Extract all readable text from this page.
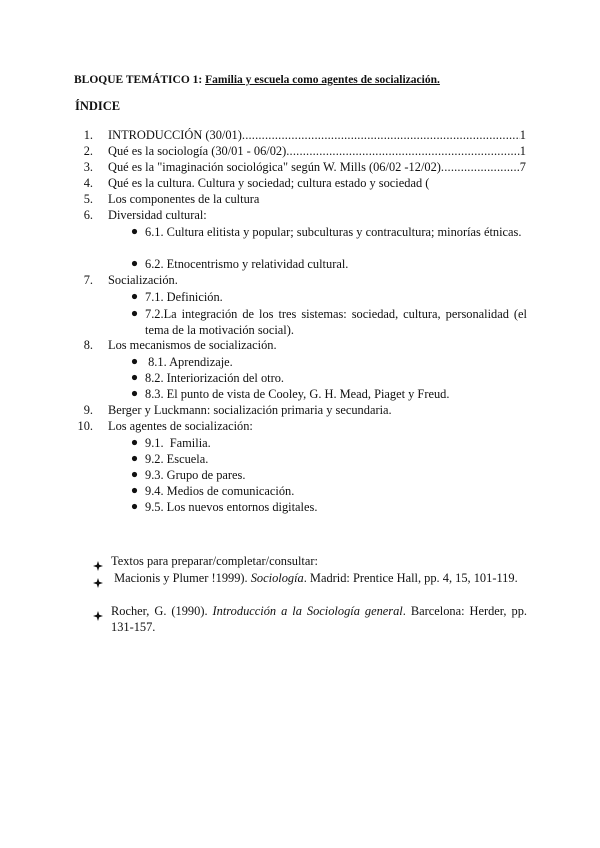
BLOQUE TEMÁTICO 1: Familia y escuela como agentes de socialización.
ÍNDICE
1. INTRODUCCIÓN (30/01) .....	1
2. Qué es la sociología (30/01 - 06/02) .....	1
3. Qué es la "imaginación sociológica" según W. Mills (06/02 -12/02) .....	7
4. Qué es la cultura. Cultura y sociedad; cultura estado y sociedad (
5. Los componentes de la cultura
6. Diversidad cultural:
6.1. Cultura elitista y popular; subculturas y contracultura; minorías étnicas.
6.2. Etnocentrismo y relatividad cultural.
7. Socialización.
7.1. Definición.
7.2.La integración de los tres sistemas: sociedad, cultura, personalidad (el tema de la motivación social).
8. Los mecanismos de socialización.
8.1. Aprendizaje.
8.2. Interiorización del otro.
8.3. El punto de vista de Cooley, G. H. Mead, Piaget y Freud.
9. Berger y Luckmann: socialización primaria y secundaria.
10. Los agentes de socialización:
9.1.  Familia.
9.2. Escuela.
9.3. Grupo de pares.
9.4. Medios de comunicación.
9.5. Los nuevos entornos digitales.
Textos para preparar/completar/consultar:
Macionis y Plumer !1999). Sociología. Madrid: Prentice Hall, pp. 4, 15, 101-119.
Rocher, G. (1990). Introducción a la Sociología general. Barcelona: Herder, pp. 131-157.
